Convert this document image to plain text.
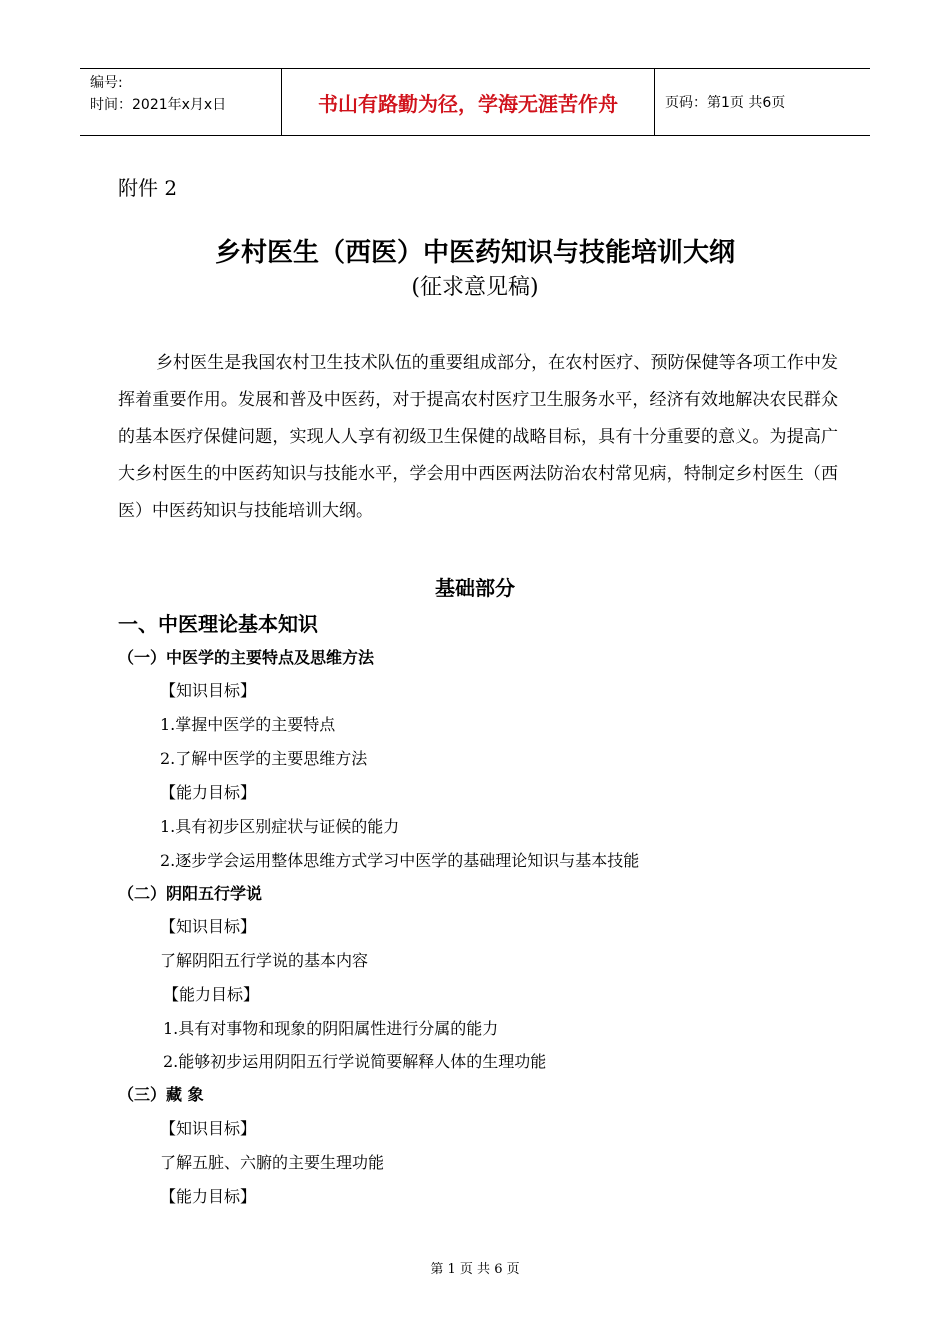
编号:
时间：2021年x月x日	书山有路勤为径，学海无涯苦作舟	页码：第1页 共6页
附件 2
乡村医生（西医）中医药知识与技能培训大纲
(征求意见稿)

乡村医生是我国农村卫生技术队伍的重要组成部分，在农村医疗、预防保健等各项工作中发挥着重要作用。发展和普及中医药，对于提高农村医疗卫生服务水平，经济有效地解决农民群众的基本医疗保健问题，实现人人享有初级卫生保健的战略目标，具有十分重要的意义。为提高广大乡村医生的中医药知识与技能水平，学会用中西医两法防治农村常见病，特制定乡村医生（西医）中医药知识与技能培训大纲。

基础部分
一、中医理论基本知识
（一）中医学的主要特点及思维方法
【知识目标】
1.掌握中医学的主要特点
2.了解中医学的主要思维方法
【能力目标】
1.具有初步区别症状与证候的能力
2.逐步学会运用整体思维方式学习中医学的基础理论知识与基本技能
（二）阴阳五行学说
【知识目标】
了解阴阳五行学说的基本内容
【能力目标】
1.具有对事物和现象的阴阳属性进行分属的能力
2.能够初步运用阴阳五行学说简要解释人体的生理功能
（三）藏 象
【知识目标】
了解五脏、六腑的主要生理功能
【能力目标】
第 1 页 共 6 页
